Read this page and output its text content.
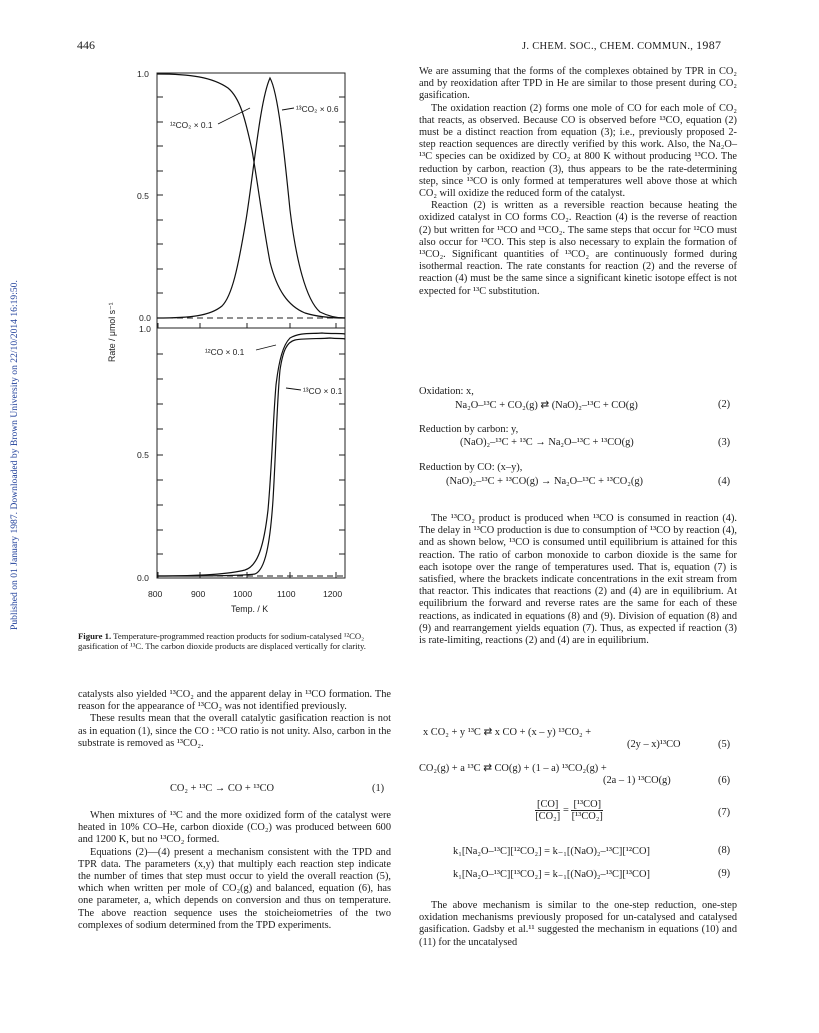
446	J. CHEM. SOC., CHEM. COMMUN., 1987
Published on 01 January 1987. Downloaded by Brown University on 22/10/2014 16:19:50.
¹²CO₂ × 0.1
¹³CO₂ × 0.6
¹²CO × 0.1
¹³CO × 0.1
1.0
0.5
0.0
1.0
0.5
0.0
800	900	1000	1100	1200
Temp. / K
Rate / μmol s⁻¹
Figure 1. Temperature-programmed reaction products for sodium-catalysed ¹²CO₂ gasification of ¹³C. The carbon dioxide products are displaced vertically for clarity.

catalysts also yielded ¹³CO₂ and the apparent delay in ¹³CO formation. The reason for the appearance of ¹³CO₂ was not identified previously.

These results mean that the overall catalytic gasification reaction is not as in equation (1), since the CO : ¹³CO ratio is not unity. Also, carbon in the substrate is removed as ¹³CO₂.

CO₂ + ¹³C → CO + ¹³CO	(1)

When mixtures of ¹³C and the more oxidized form of the catalyst were heated in 10% CO–He, carbon dioxide (CO₂) was produced between 600 and 1200 K, but no ¹³CO₂ formed.

Equations (2)—(4) present a mechanism consistent with the TPD and TPR data. The parameters (x,y) that multiply each reaction step indicate the number of times that step must occur to yield the overall reaction (5), which when written per mole of CO₂(g) and balanced, equation (6), has one parameter, a, which depends on conversion and thus on temperature. The above reaction sequence uses the stoicheiometries of the two complexes of sodium determined from the TPD experiments.

We are assuming that the forms of the complexes obtained by TPR in CO₂ and by reoxidation after TPD in He are similar to those present during CO₂ gasification.

The oxidation reaction (2) forms one mole of CO for each mole of CO₂ that reacts, as observed. Because CO is observed before ¹³CO, equation (2) must be a distinct reaction from equation (3); i.e., previously proposed 2-step reaction sequences are directly verified by this work. Also, the Na₂O–¹³C species can be oxidized by CO₂ at 800 K without producing ¹³CO. The reduction by carbon, reaction (3), thus appears to be the rate-determining step, since ¹³CO is only formed at temperatures well above those at which CO₂ will oxidize the reduced form of the catalyst.

Reaction (2) is written as a reversible reaction because heating the oxidized catalyst in CO forms CO₂. Reaction (4) is the reverse of reaction (2) but written for ¹³CO and ¹³CO₂. The same steps that occur for ¹²CO must also occur for ¹³CO. This step is also necessary to explain the formation of ¹³CO₂. Significant quantities of ¹³CO₂ are continuously formed during isothermal reaction. The rate constants for reaction (2) and the reverse of reaction (4) must be the same since a significant kinetic isotope effect is not expected for ¹³C substitution.

Oxidation: x,
Na₂O–¹³C + CO₂(g) ⇄ (NaO)₂–¹³C + CO(g)	(2)
Reduction by carbon: y,
(NaO)₂–¹³C + ¹³C → Na₂O–¹³C + ¹³CO(g)	(3)
Reduction by CO: (x–y),
(NaO)₂–¹³C + ¹³CO(g) → Na₂O–¹³C + ¹³CO₂(g)	(4)

The ¹³CO₂ product is produced when ¹³CO is consumed in reaction (4). The delay in ¹³CO production is due to consumption of ¹³CO by reaction (4), and as shown below, ¹³CO is consumed until equilibrium is attained for this reaction. The ratio of carbon monoxide to carbon dioxide is the same for each isotope over the range of temperatures used. That is, equation (7) is satisfied, where the brackets indicate concentrations in the exit stream from that reactor. This indicates that reactions (2) and (4) are in equilibrium. At equilibrium the forward and reverse rates are the same for each of these reactions, as indicated in equations (8) and (9). Division of equation (8) and (9) and rearrangement yields equation (7). Thus, as expected if reaction (3) is rate-limiting, reactions (2) and (4) are in equilibrium.

x CO₂ + y ¹³C ⇄ x CO + (x – y) ¹³CO₂ +
(2y – x)¹³CO	(5)
CO₂(g) + a ¹³C ⇄ CO(g) + (1 – a) ¹³CO₂(g) +
(2a – 1) ¹³CO(g)	(6)
$\frac{[CO]}{\text{[CO₂]}} = \frac{\text{[¹³CO]}}{\text{[¹³CO₂]}}$	(7)
k₁[Na₂O–¹³C][¹²CO₂] = k₋₁[(NaO)₂–¹³C][¹²CO]	(8)
k₁[Na₂O–¹³C][¹³CO₂] = k₋₁[(NaO)₂–¹³C][¹³CO]	(9)

The above mechanism is similar to the one-step reduction, one-step oxidation mechanisms previously proposed for un-catalysed and catalysed gasification. Gadsby et al.¹¹ suggested the mechanism in equations (10) and (11) for the uncatalysed
